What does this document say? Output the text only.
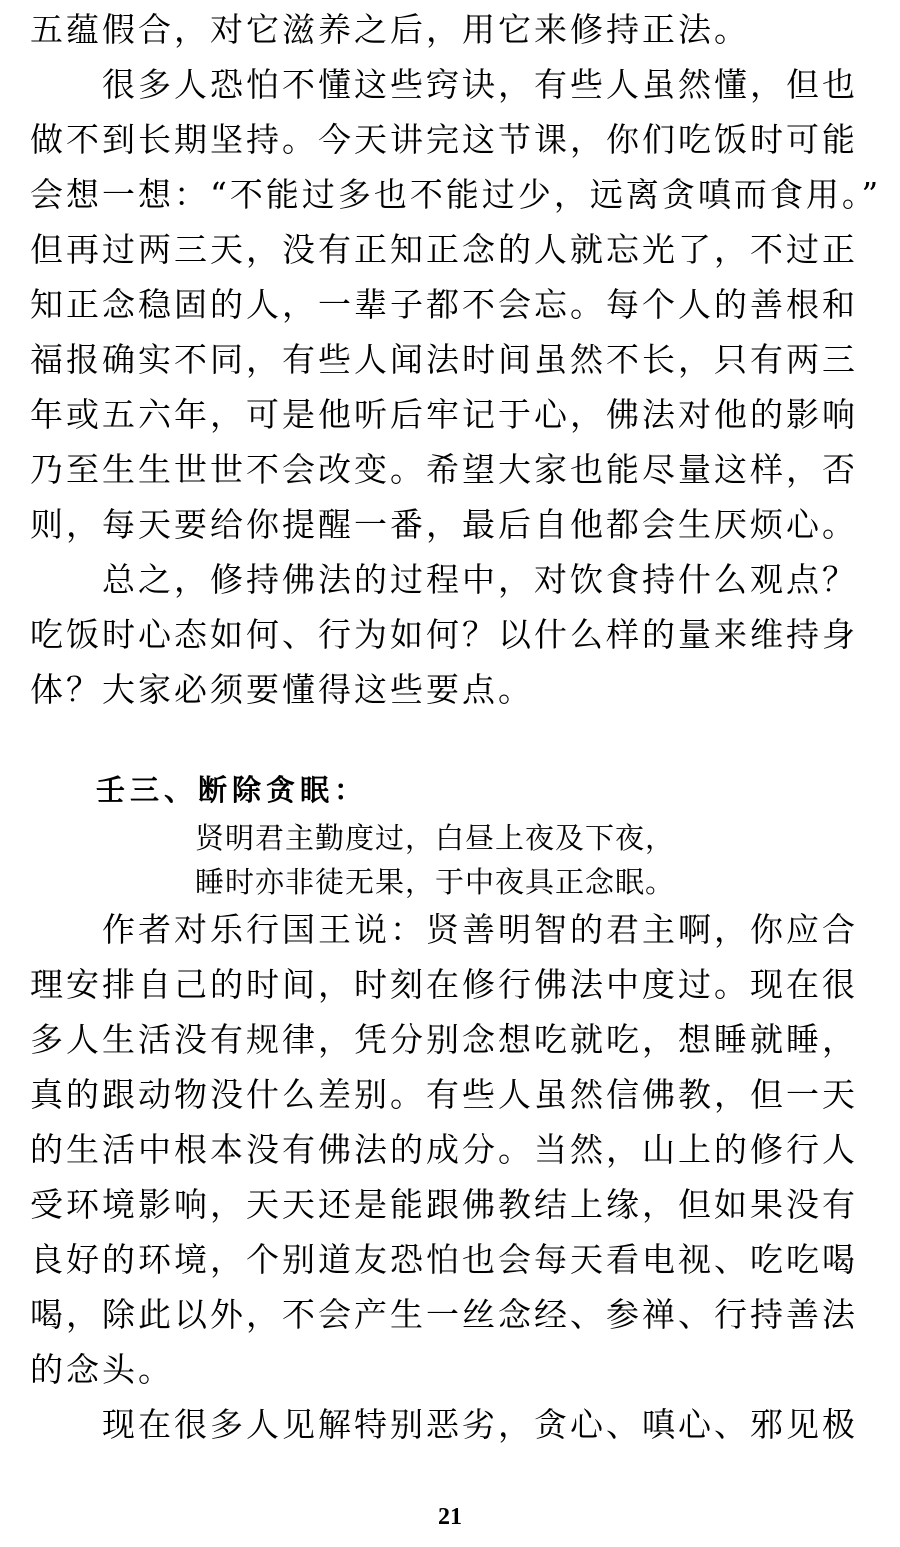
五蕴假合，对它滋养之后，用它来修持正法。
　　很多人恐怕不懂这些窍诀，有些人虽然懂，但也
做不到长期坚持。今天讲完这节课，你们吃饭时可能
会想一想：“不能过多也不能过少，远离贪嗔而食用。”
但再过两三天，没有正知正念的人就忘光了，不过正
知正念稳固的人，一辈子都不会忘。每个人的善根和
福报确实不同，有些人闻法时间虽然不长，只有两三
年或五六年，可是他听后牢记于心，佛法对他的影响
乃至生生世世不会改变。希望大家也能尽量这样，否
则，每天要给你提醒一番，最后自他都会生厌烦心。
　　总之，修持佛法的过程中，对饮食持什么观点？
吃饭时心态如何、行为如何？以什么样的量来维持身
体？大家必须要懂得这些要点。
壬三、断除贪眠：
贤明君主勤度过，白昼上夜及下夜，
睡时亦非徒无果，于中夜具正念眠。
　　作者对乐行国王说：贤善明智的君主啊，你应合
理安排自己的时间，时刻在修行佛法中度过。现在很
多人生活没有规律，凭分别念想吃就吃，想睡就睡，
真的跟动物没什么差别。有些人虽然信佛教，但一天
的生活中根本没有佛法的成分。当然，山上的修行人
受环境影响，天天还是能跟佛教结上缘，但如果没有
良好的环境，个别道友恐怕也会每天看电视、吃吃喝
喝，除此以外，不会产生一丝念经、参禅、行持善法
的念头。
　　现在很多人见解特别恶劣，贪心、嗔心、邪见极
21
